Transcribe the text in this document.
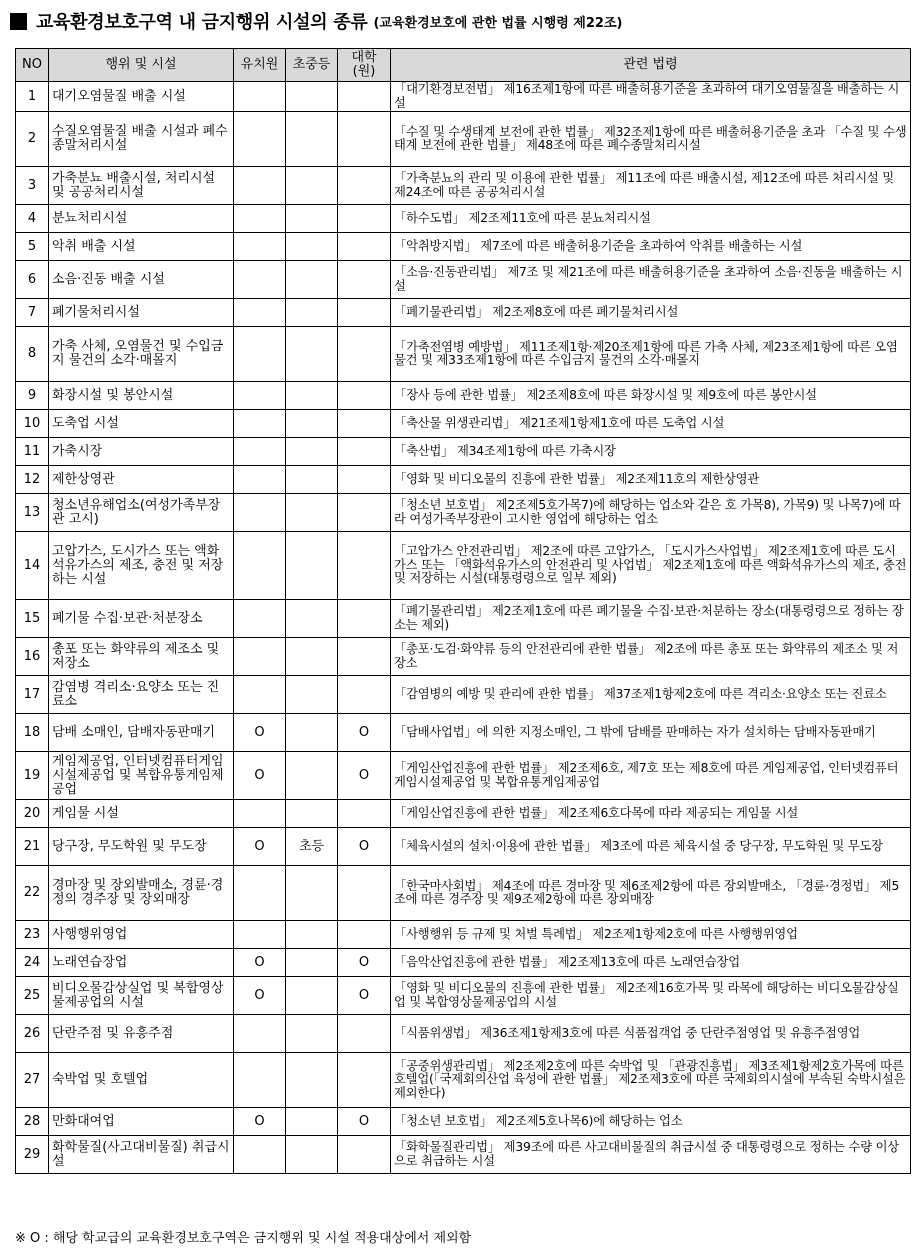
교육환경보호구역 내 금지행위 시설의 종류 (교육환경보호에 관한 법률 시행령 제22조)
NO	행위 및 시설	유치원	초중등	대학(원)	관련 법령
1	대기오염물질 배출 시설				「대기환경보전법」 제16조제1항에 따른 배출허용기준을 초과하여 대기오염물질을 배출하는 시설
2	수질오염물질 배출 시설과 폐수종말처리시설				「수질 및 수생태계 보전에 관한 법률」 제32조제1항에 따른 배출허용기준을 초과 「수질 및 수생태계 보전에 관한 법률」 제48조에 따른 폐수종말처리시설
3	가축분뇨 배출시설, 처리시설 및 공공처리시설				「가축분뇨의 관리 및 이용에 관한 법률」 제11조에 따른 배출시설, 제12조에 따른 처리시설 및 제24조에 따른 공공처리시설
4	분뇨처리시설				「하수도법」 제2조제11호에 따른 분뇨처리시설
5	악취 배출 시설				「악취방지법」 제7조에 따른 배출허용기준을 초과하여 악취를 배출하는 시설
6	소음·진동 배출 시설				「소음·진동관리법」 제7조 및 제21조에 따른 배출허용기준을 초과하여 소음·진동을 배출하는 시설
7	폐기물처리시설				「폐기물관리법」 제2조제8호에 따른 폐기물처리시설
8	가축 사체, 오염물건 및 수입금지 물건의 소각·매몰지				「가축전염병 예방법」 제11조제1항·제20조제1항에 따른 가축 사체, 제23조제1항에 따른 오염물건 및 제33조제1항에 따른 수입금지 물건의 소각·매몰지
9	화장시설 및 봉안시설				「장사 등에 관한 법률」 제2조제8호에 따른 화장시설 및 제9호에 따른 봉안시설
10	도축업 시설				「축산물 위생관리법」 제21조제1항제1호에 따른 도축업 시설
11	가축시장				「축산법」 제34조제1항에 따른 가축시장
12	제한상영관				「영화 및 비디오물의 진흥에 관한 법률」 제2조제11호의 제한상영관
13	청소년유해업소(여성가족부장관 고시)				「청소년 보호법」 제2조제5호가목7)에 해당하는 업소와 같은 호 가목8), 가목9) 및 나목7)에 따라 여성가족부장관이 고시한 영업에 해당하는 업소
14	고압가스, 도시가스 또는 액화석유가스의 제조, 충전 및 저장하는 시설				「고압가스 안전관리법」 제2조에 따른 고압가스, 「도시가스사업법」 제2조제1호에 따른 도시가스 또는 「액화석유가스의 안전관리 및 사업법」 제2조제1호에 따른 액화석유가스의 제조, 충전 및 저장하는 시설(대통령령으로 일부 제외)
15	폐기물 수집·보관·처분장소				「폐기물관리법」 제2조제1호에 따른 폐기물을 수집·보관·처분하는 장소(대통령령으로 정하는 장소는 제외)
16	총포 또는 화약류의 제조소 및 저장소				「총포·도검·화약류 등의 안전관리에 관한 법률」 제2조에 따른 총포 또는 화약류의 제조소 및 저장소
17	감염병 격리소·요양소 또는 진료소				「감염병의 예방 및 관리에 관한 법률」 제37조제1항제2호에 따른 격리소·요양소 또는 진료소
18	담배 소매인, 담배자동판매기	O		O	「담배사업법」에 의한 지정소매인, 그 밖에 담배를 판매하는 자가 설치하는 담배자동판매기
19	게임제공업, 인터넷컴퓨터게임시설제공업 및 복합유통게임제공업	O		O	「게임산업진흥에 관한 법률」 제2조제6호, 제7호 또는 제8호에 따른 게임제공업, 인터넷컴퓨터게임시설제공업 및 복합유통게임제공업
20	게임물 시설				「게임산업진흥에 관한 법률」 제2조제6호다목에 따라 제공되는 게임물 시설
21	당구장, 무도학원 및 무도장	O	초등	O	「체육시설의 설치·이용에 관한 법률」 제3조에 따른 체육시설 중 당구장, 무도학원 및 무도장
22	경마장 및 장외발매소, 경륜·경정의 경주장 및 장외매장				「한국마사회법」 제4조에 따른 경마장 및 제6조제2항에 따른 장외발매소, 「경륜·경정법」 제5조에 따른 경주장 및 제9조제2항에 따른 장외매장
23	사행행위영업				「사행행위 등 규제 및 처벌 특례법」 제2조제1항제2호에 따른 사행행위영업
24	노래연습장업	O		O	「음악산업진흥에 관한 법률」 제2조제13호에 따른 노래연습장업
25	비디오물감상실업 및 복합영상물제공업의 시설	O		O	「영화 및 비디오물의 진흥에 관한 법률」 제2조제16호가목 및 라목에 해당하는 비디오물감상실업 및 복합영상물제공업의 시설
26	단란주점 및 유흥주점				「식품위생법」 제36조제1항제3호에 따른 식품접객업 중 단란주점영업 및 유흥주점영업
27	숙박업 및 호텔업				「공중위생관리법」 제2조제2호에 따른 숙박업 및 「관광진흥법」 제3조제1항제2호가목에 따른 호텔업(「국제회의산업 육성에 관한 법률」 제2조제3호에 따른 국제회의시설에 부속된 숙박시설은 제외한다)
28	만화대여업	O		O	「청소년 보호법」 제2조제5호나목6)에 해당하는 업소
29	화학물질(사고대비물질) 취급시설				「화학물질관리법」 제39조에 따른 사고대비물질의 취급시설 중 대통령령으로 정하는 수량 이상으로 취급하는 시설
※ O : 해당 학교급의 교육환경보호구역은 금지행위 및 시설 적용대상에서 제외함
